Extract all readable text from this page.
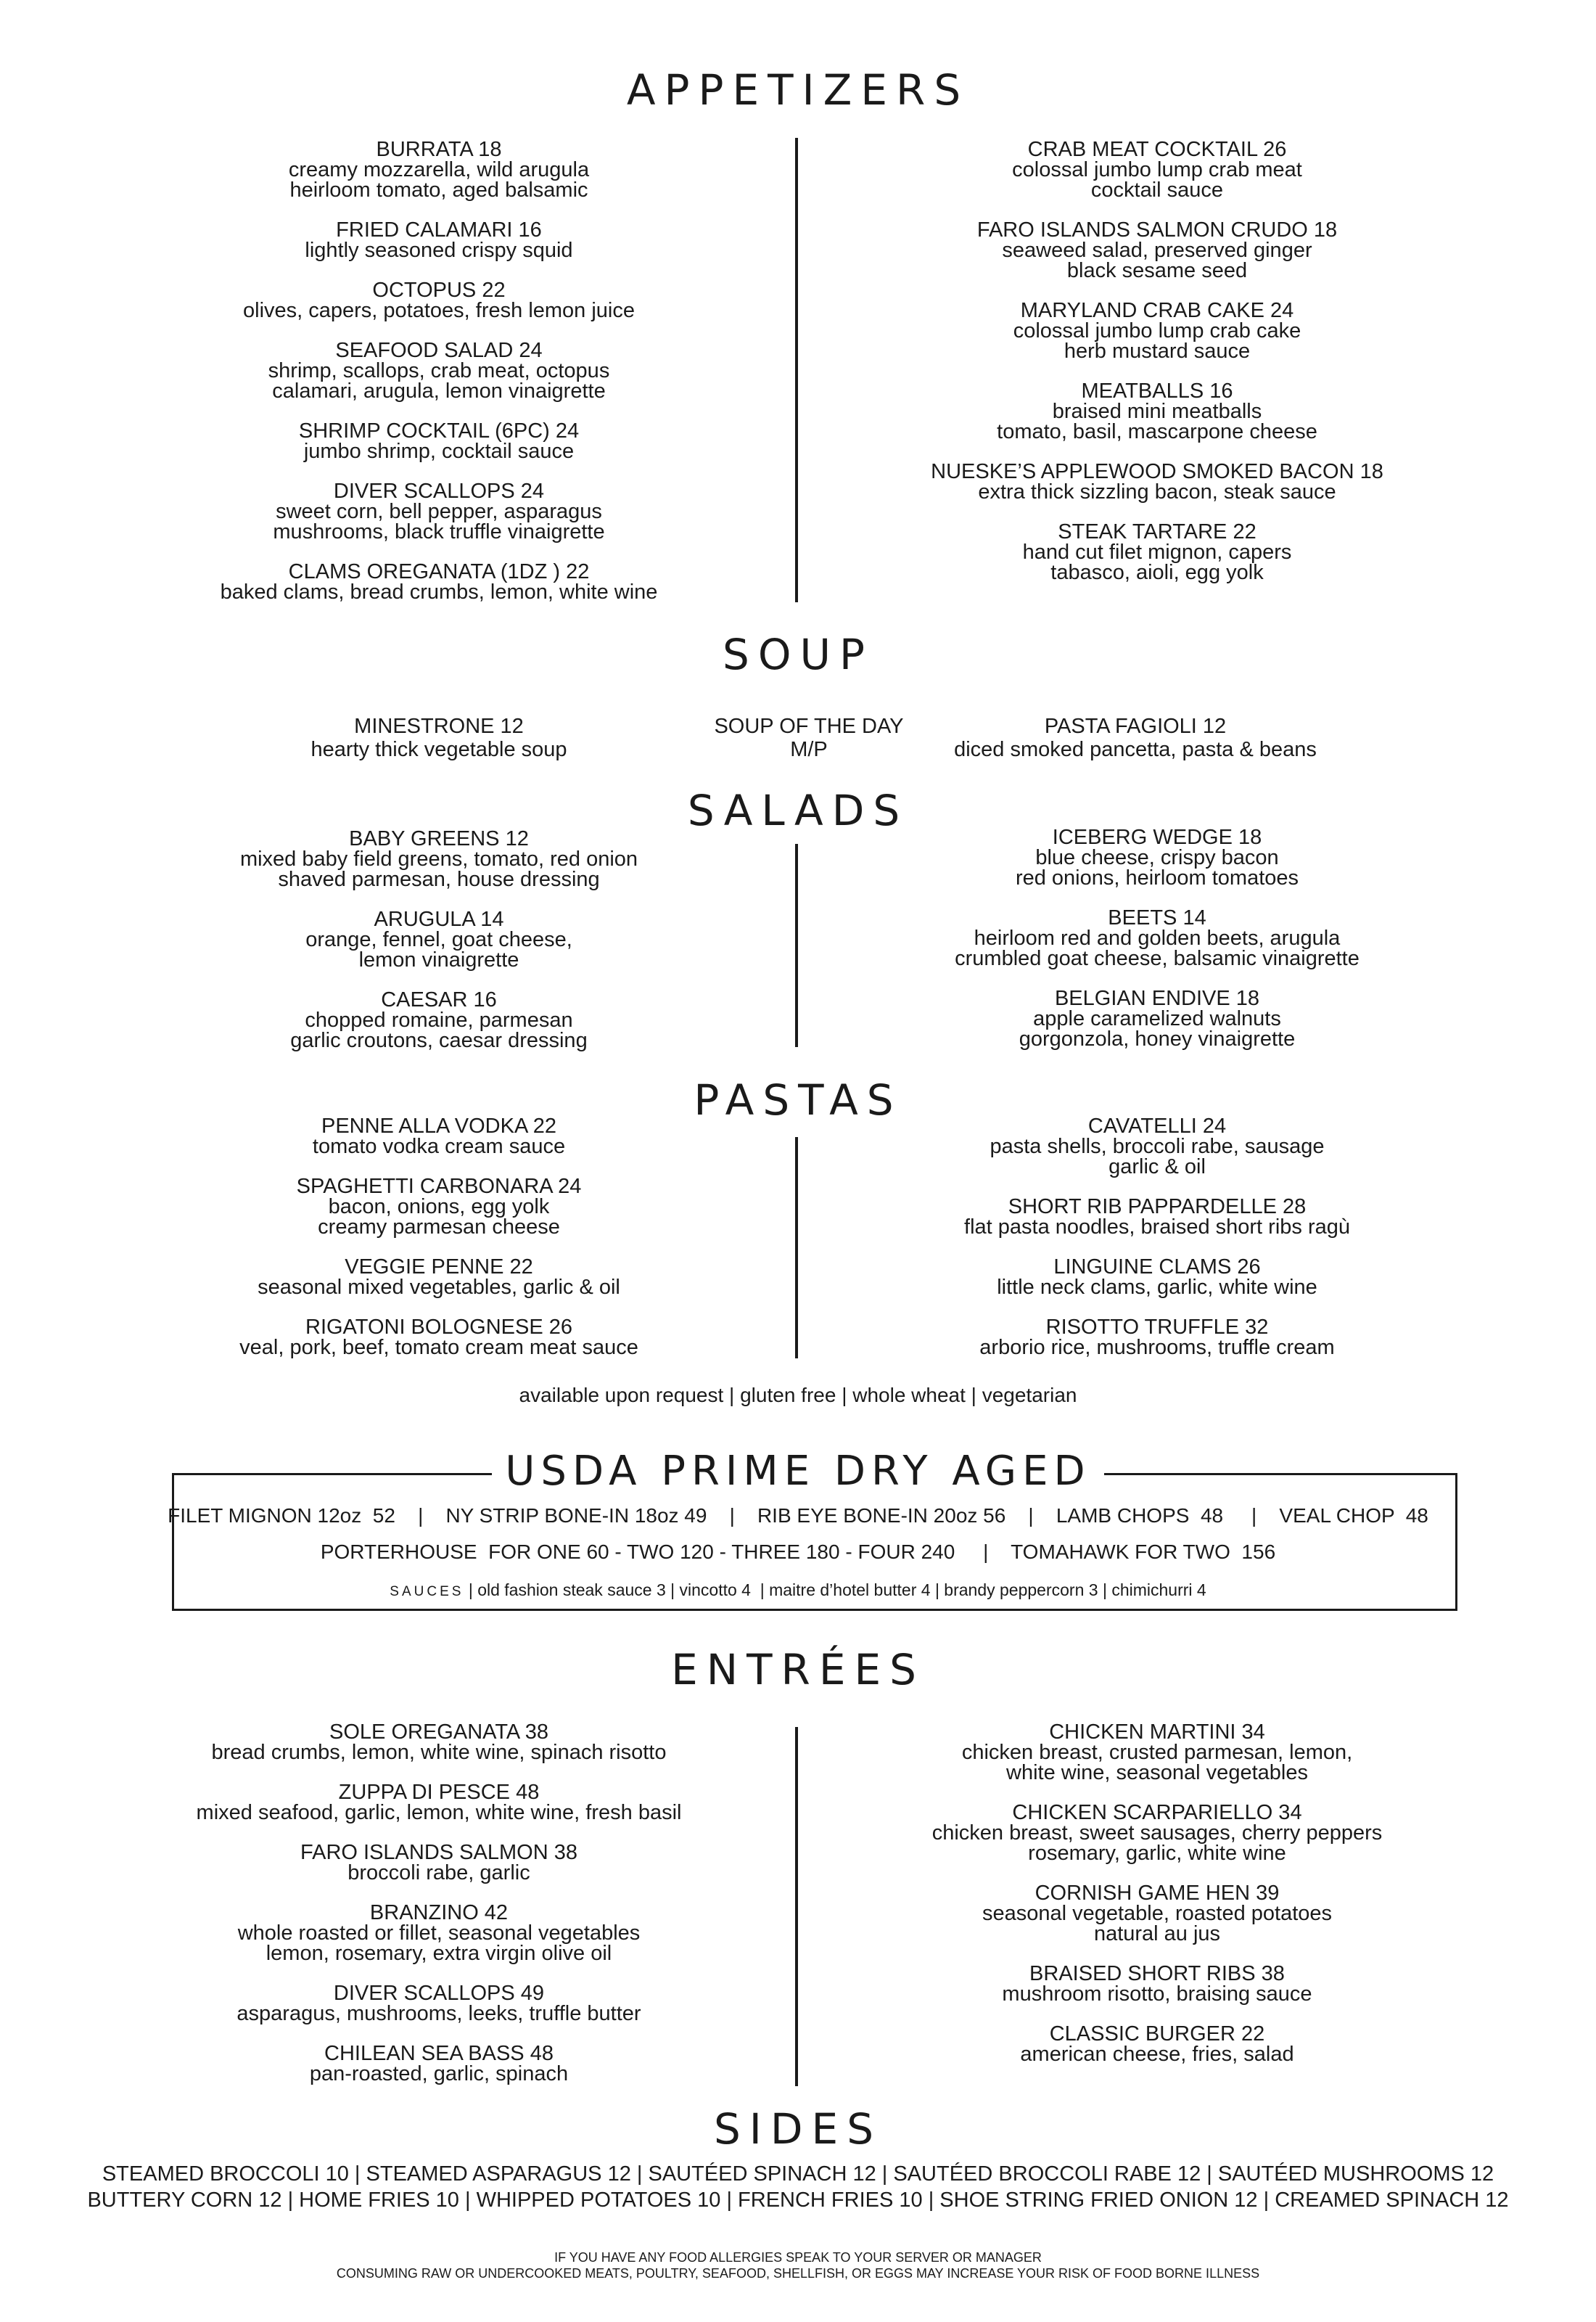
APPETIZERS
BURRATA 18
creamy mozzarella, wild arugula
heirloom tomato, aged balsamic
FRIED CALAMARI 16
lightly seasoned crispy squid
OCTOPUS 22
olives, capers, potatoes, fresh lemon juice
SEAFOOD SALAD 24
shrimp, scallops, crab meat, octopus
calamari, arugula, lemon vinaigrette
SHRIMP COCKTAIL (6PC) 24
jumbo shrimp, cocktail sauce
DIVER SCALLOPS 24
sweet corn, bell pepper, asparagus
mushrooms, black truffle vinaigrette
CLAMS OREGANATA (1DZ ) 22
baked clams, bread crumbs, lemon, white wine
CRAB MEAT COCKTAIL 26
colossal jumbo lump crab meat
cocktail sauce
FARO ISLANDS SALMON CRUDO 18
seaweed salad, preserved ginger
black sesame seed
MARYLAND CRAB CAKE 24
colossal jumbo lump crab cake
herb mustard sauce
MEATBALLS 16
braised mini meatballs
tomato, basil, mascarpone cheese
NUESKE’S APPLEWOOD SMOKED BACON 18
extra thick sizzling bacon, steak sauce
STEAK TARTARE 22
hand cut filet mignon, capers
tabasco, aioli, egg yolk
SOUP
MINESTRONE 12
hearty thick vegetable soup
SOUP OF THE DAY
M/P
PASTA FAGIOLI 12
diced smoked pancetta, pasta & beans
SALADS
BABY GREENS 12
mixed baby field greens, tomato, red onion
shaved parmesan, house dressing
ARUGULA 14
orange, fennel, goat cheese,
lemon vinaigrette
CAESAR 16
chopped romaine, parmesan
garlic croutons, caesar dressing
ICEBERG WEDGE 18
blue cheese, crispy bacon
red onions, heirloom tomatoes
BEETS 14
heirloom red and golden beets, arugula
crumbled goat cheese, balsamic vinaigrette
BELGIAN ENDIVE 18
apple caramelized walnuts
gorgonzola, honey vinaigrette
PASTAS
PENNE ALLA VODKA 22
tomato vodka cream sauce
SPAGHETTI CARBONARA 24
bacon, onions, egg yolk
creamy parmesan cheese
VEGGIE PENNE 22
seasonal mixed vegetables, garlic & oil
RIGATONI BOLOGNESE 26
veal, pork, beef, tomato cream meat sauce
CAVATELLI 24
pasta shells, broccoli rabe, sausage
garlic & oil
SHORT RIB PAPPARDELLE 28
flat pasta noodles, braised short ribs ragù
LINGUINE CLAMS 26
little neck clams, garlic, white wine
RISOTTO TRUFFLE 32
arborio rice, mushrooms, truffle cream
available upon request | gluten free | whole wheat | vegetarian
USDA PRIME DRY AGED
FILET MIGNON 12oz  52    |    NY STRIP BONE-IN 18oz 49    |    RIB EYE BONE-IN 20oz 56    |    LAMB CHOPS  48     |    VEAL CHOP  48
PORTERHOUSE  FOR ONE 60 - TWO 120 - THREE 180 - FOUR 240     |    TOMAHAWK FOR TWO  156
SAUCES | old fashion steak sauce 3 | vincotto 4  | maitre d’hotel butter 4 | brandy peppercorn 3 | chimichurri 4
ENTRÉES
SOLE OREGANATA 38
bread crumbs, lemon, white wine, spinach risotto
ZUPPA DI PESCE 48
mixed seafood, garlic, lemon, white wine, fresh basil
FARO ISLANDS SALMON 38
broccoli rabe, garlic
BRANZINO 42
whole roasted or fillet, seasonal vegetables
lemon, rosemary, extra virgin olive oil
DIVER SCALLOPS 49
asparagus, mushrooms, leeks, truffle butter
CHILEAN SEA BASS 48
pan-roasted, garlic, spinach
CHICKEN MARTINI 34
chicken breast, crusted parmesan, lemon,
white wine, seasonal vegetables
CHICKEN SCARPARIELLO 34
chicken breast, sweet sausages, cherry peppers
rosemary, garlic, white wine
CORNISH GAME HEN 39
seasonal vegetable, roasted potatoes
natural au jus
BRAISED SHORT RIBS 38
mushroom risotto, braising sauce
CLASSIC BURGER 22
american cheese, fries, salad
SIDES
STEAMED BROCCOLI 10 | STEAMED ASPARAGUS 12 | SAUTÉED SPINACH 12 | SAUTÉED BROCCOLI RABE 12 | SAUTÉED MUSHROOMS 12
BUTTERY CORN 12 | HOME FRIES 10 | WHIPPED POTATOES 10 | FRENCH FRIES 10 | SHOE STRING FRIED ONION 12 | CREAMED SPINACH 12
IF YOU HAVE ANY FOOD ALLERGIES SPEAK TO YOUR SERVER OR MANAGER
CONSUMING RAW OR UNDERCOOKED MEATS, POULTRY, SEAFOOD, SHELLFISH, OR EGGS MAY INCREASE YOUR RISK OF FOOD BORNE ILLNESS
